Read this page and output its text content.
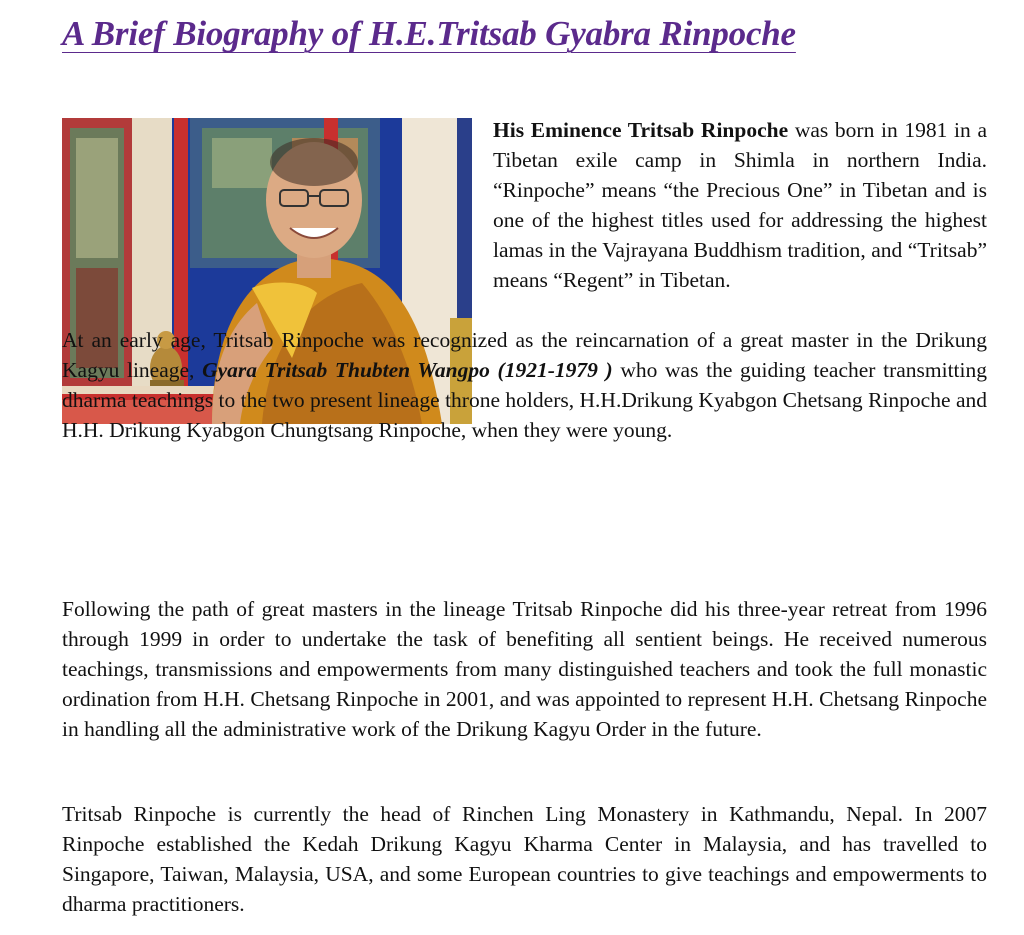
A Brief Biography of H.E.Tritsab Gyabra Rinpoche

His Eminence Tritsab Rinpoche was born in 1981 in a Tibetan exile camp in Shimla in northern India. “Rinpoche” means “the Precious One” in Tibetan and is one of the highest titles used for addressing the highest lamas in the Vajrayana Buddhism tradition, and “Tritsab” means “Regent” in Tibetan.

At an early age, Tritsab Rinpoche was recognized as the reincarnation of a great master in the Drikung Kagyu lineage, Gyara Tritsab Thubten Wangpo (1921-1979 ) who was the guiding teacher transmitting dharma teachings to the two present lineage throne holders, H.H.Drikung Kyabgon Chetsang Rinpoche and H.H. Drikung Kyabgon Chungtsang Rinpoche, when they were young.

Following the path of great masters in the lineage Tritsab Rinpoche did his three-year retreat from 1996 through 1999 in order to undertake the task of benefiting all sentient beings. He received numerous teachings, transmissions and empowerments from many distinguished teachers and took the full monastic ordination from H.H. Chetsang Rinpoche in 2001, and was appointed to represent H.H. Chetsang Rinpoche in handling all the administrative work of the Drikung Kagyu Order in the future.

Tritsab Rinpoche is currently the head of Rinchen Ling Monastery in Kathmandu, Nepal. In 2007 Rinpoche established the Kedah Drikung Kagyu Kharma Center in Malaysia, and has travelled to Singapore, Taiwan, Malaysia, USA, and some European countries to give teachings and empowerments to dharma practitioners.
